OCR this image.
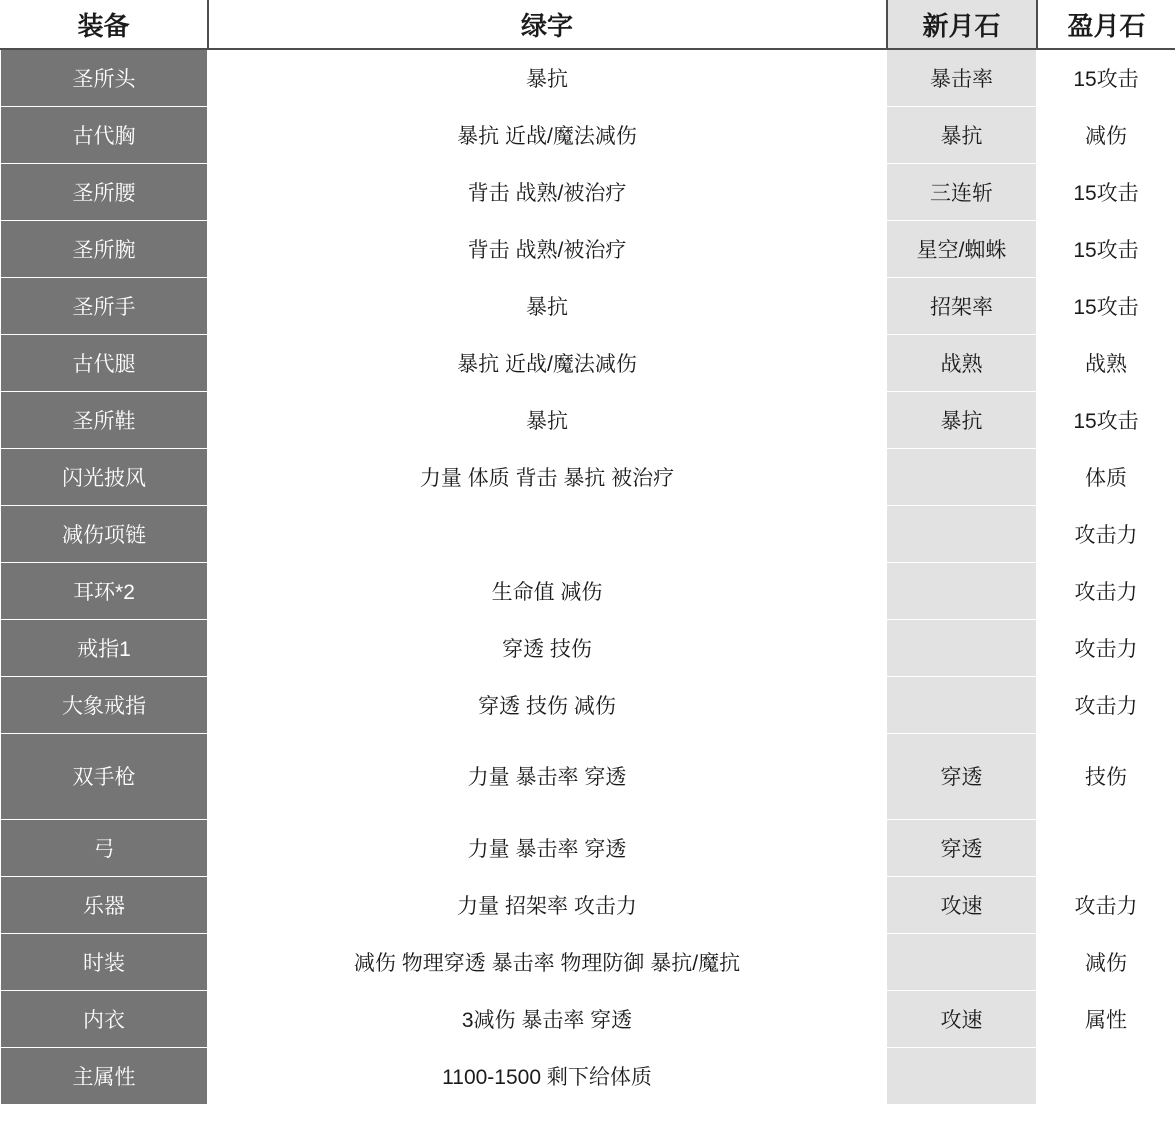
装备	绿字	新月石	盈月石
圣所头	暴抗	暴击率	15攻击
古代胸	暴抗 近战/魔法减伤	暴抗	减伤
圣所腰	背击 战熟/被治疗	三连斩	15攻击
圣所腕	背击 战熟/被治疗	星空/蜘蛛	15攻击
圣所手	暴抗	招架率	15攻击
古代腿	暴抗 近战/魔法减伤	战熟	战熟
圣所鞋	暴抗	暴抗	15攻击
闪光披风	力量 体质 背击 暴抗 被治疗		体质
减伤项链			攻击力
耳环*2	生命值 减伤		攻击力
戒指1	穿透 技伤		攻击力
大象戒指	穿透 技伤 减伤		攻击力
双手枪	力量 暴击率 穿透	穿透	技伤
弓	力量 暴击率 穿透	穿透	
乐器	力量 招架率 攻击力	攻速	攻击力
时装	减伤 物理穿透 暴击率 物理防御 暴抗/魔抗		减伤
内衣	3减伤 暴击率 穿透	攻速	属性
主属性	1100-1500 剩下给体质		
